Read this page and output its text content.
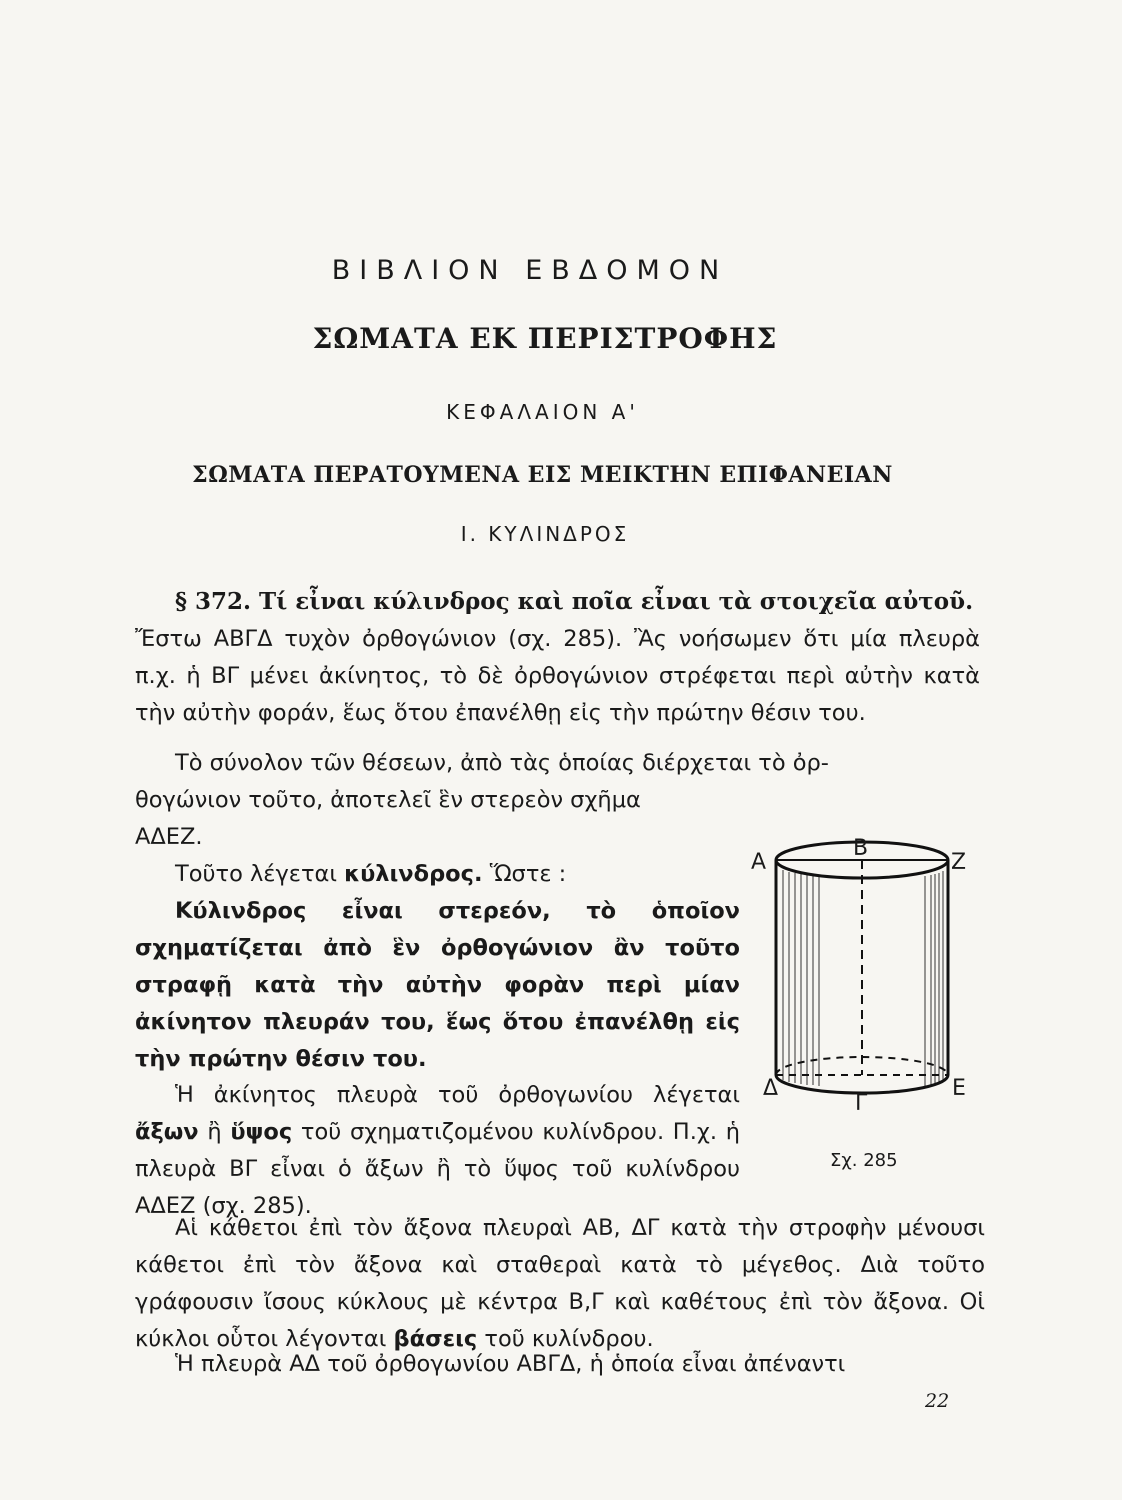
ΒΙΒΛΙΟΝ ΕΒΔΟΜΟΝ
ΣΩΜΑΤΑ ΕΚ ΠΕΡΙΣΤΡΟΦΗΣ
ΚΕΦΑΛΑΙΟΝ Α'
ΣΩΜΑΤΑ ΠΕΡΑΤΟΥΜΕΝΑ ΕΙΣ ΜΕΙΚΤΗΝ ΕΠΙΦΑΝΕΙΑΝ
Ι. ΚΥΛΙΝΔΡΟΣ

§ 372. Τί εἶναι κύλινδρος καὶ ποῖα εἶναι τὰ στοιχεῖα αὐτοῦ.

Ἔστω ΑΒΓΔ τυχὸν ὀρθογώνιον (σχ. 285). Ἂς νοήσωμεν ὅτι μία πλευρὰ π.χ. ἡ ΒΓ μένει ἀκίνητος, τὸ δὲ ὀρθογώνιον στρέφεται περὶ αὐτὴν κατὰ τὴν αὐτὴν φοράν, ἕως ὅτου ἐπανέλθῃ εἰς τὴν πρώτην θέσιν του.

Τὸ σύνολον τῶν θέσεων, ἀπὸ τὰς ὁποίας διέρχεται τὸ ὀρ-
θογώνιον τοῦτο, ἀποτελεῖ ἓν στερεὸν σχῆμα
ΑΔΕΖ.

Τοῦτο λέγεται κύλινδρος. Ὥστε :

Κύλινδρος εἶναι στερεόν, τὸ ὁποῖον σχηματίζεται ἀπὸ ἓν ὀρθογώνιον ἂν τοῦτο στραφῇ κατὰ τὴν αὐτὴν φορὰν περὶ μίαν ἀκίνητον πλευράν του, ἕως ὅτου ἐπανέλθῃ εἰς τὴν πρώτην θέσιν του.

Ἡ ἀκίνητος πλευρὰ τοῦ ὀρθογωνίου λέγεται ἄξων ἢ ὕψος τοῦ σχηματιζομένου κυλίνδρου. Π.χ. ἡ πλευρὰ ΒΓ εἶναι ὁ ἄξων ἢ τὸ ὕψος τοῦ κυλίνδρου ΑΔΕΖ (σχ. 285).

Αἱ κάθετοι ἐπὶ τὸν ἄξονα πλευραὶ ΑΒ, ΔΓ κατὰ τὴν στροφὴν μένουσι κάθετοι ἐπὶ τὸν ἄξονα καὶ σταθεραὶ κατὰ τὸ μέγεθος. Διὰ τοῦτο γράφουσιν ἴσους κύκλους μὲ κέντρα Β,Γ καὶ καθέτους ἐπὶ τὸν ἄξονα. Οἱ κύκλοι οὗτοι λέγονται βάσεις τοῦ κυλίνδρου.

Ἡ πλευρὰ ΑΔ τοῦ ὀρθογωνίου ΑΒΓΔ, ἡ ὁποία εἶναι ἀπέναντι

Α
Β
Ζ
Δ
Γ
Ε
Σχ. 285
22
